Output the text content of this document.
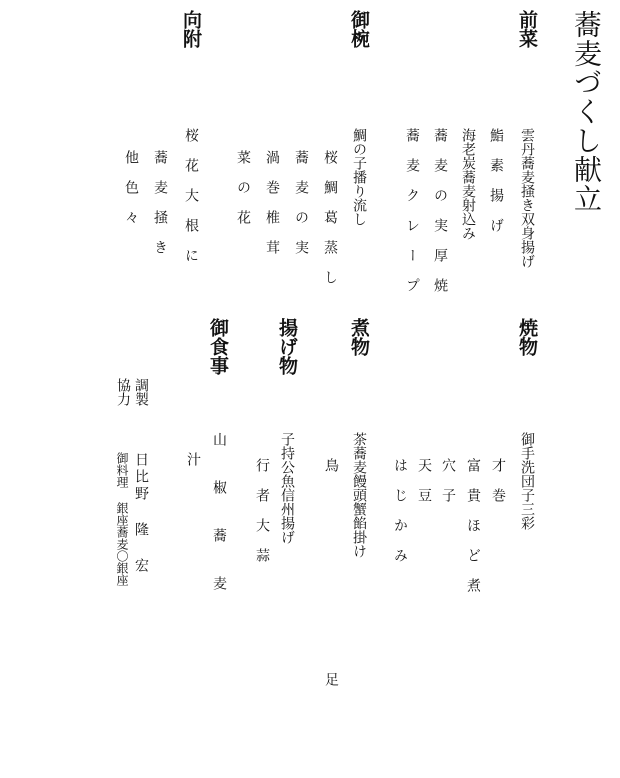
蕎麦づくし献立
前菜
雲丹蕎麦掻き双身揚げ
鮨 素 揚 げ
海老炭蕎麦射込み
蕎 麦 の 実 厚 焼
蕎 麦 ク レ ー プ
御椀
鯛の子播り流し
桜 鯛 葛 蒸 し
蕎 麦 の 実
渦 巻 椎 茸
菜 の 花
向附
桜 花 大 根 に
蕎 麦 掻 き
他 色 々
焼物
御手洗団子三彩
才 巻
富 貴 ほ ど 煮
穴 子
天 豆
は じ か み
煮物
茶蕎麦饅頭蟹餡掛け
鳥 足
揚げ物
子持公魚信州揚げ
行 者 大 蒜
御食事
山 椒 蕎 麦
汁
調製
協力
日比野 隆 宏
御料理 銀座蕎麦〇銀座
